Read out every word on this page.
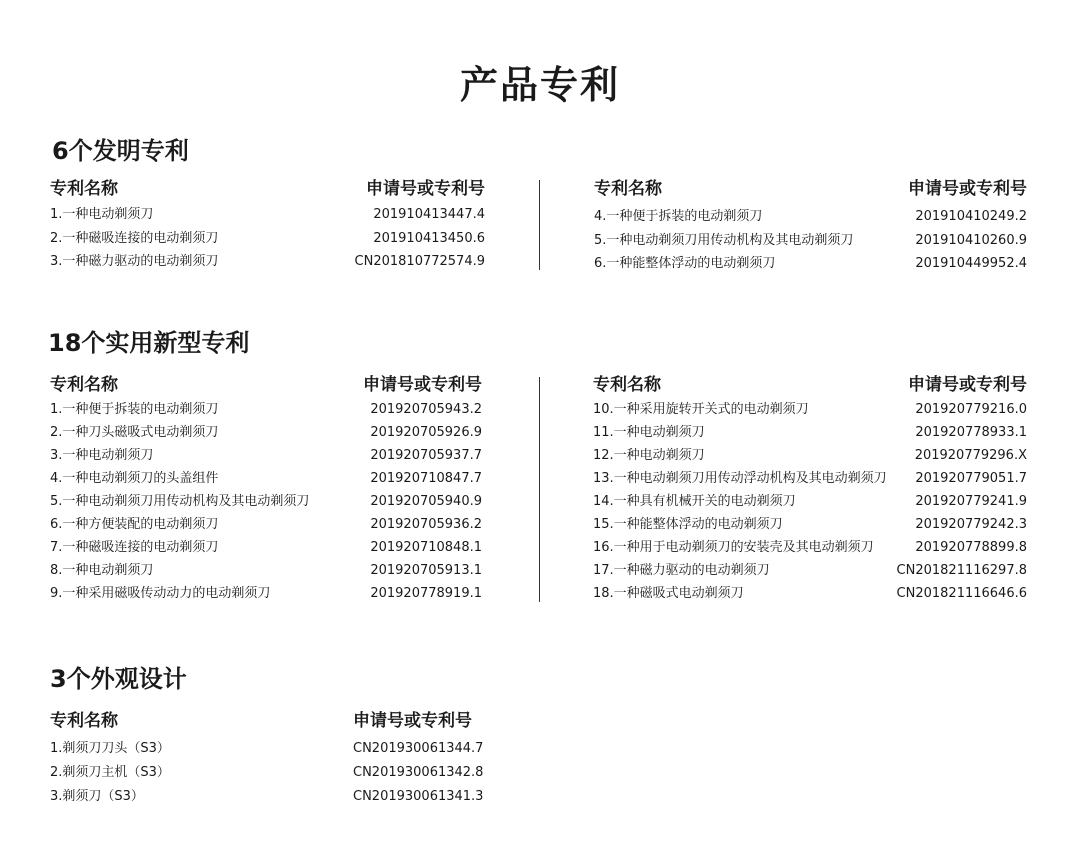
产品专利
6个发明专利
专利名称	申请号或专利号
1.一种电动剃须刀	201910413447.4
2.一种磁吸连接的电动剃须刀	201910413450.6
3.一种磁力驱动的电动剃须刀	CN201810772574.9
专利名称	申请号或专利号
4.一种便于拆装的电动剃须刀	201910410249.2
5.一种电动剃须刀用传动机构及其电动剃须刀	201910410260.9
6.一种能整体浮动的电动剃须刀	201910449952.4
18个实用新型专利
专利名称	申请号或专利号
1.一种便于拆装的电动剃须刀	201920705943.2
2.一种刀头磁吸式电动剃须刀	201920705926.9
3.一种电动剃须刀	201920705937.7
4.一种电动剃须刀的头盖组件	201920710847.7
5.一种电动剃须刀用传动机构及其电动剃须刀	201920705940.9
6.一种方便装配的电动剃须刀	201920705936.2
7.一种磁吸连接的电动剃须刀	201920710848.1
8.一种电动剃须刀	201920705913.1
9.一种采用磁吸传动动力的电动剃须刀	201920778919.1
专利名称	申请号或专利号
10.一种采用旋转开关式的电动剃须刀	201920779216.0
11.一种电动剃须刀	201920778933.1
12.一种电动剃须刀	201920779296.X
13.一种电动剃须刀用传动浮动机构及其电动剃须刀 201920779051.7
14.一种具有机械开关的电动剃须刀	201920779241.9
15.一种能整体浮动的电动剃须刀	201920779242.3
16.一种用于电动剃须刀的安装壳及其电动剃须刀	201920778899.8
17.一种磁力驱动的电动剃须刀	CN201821116297.8
18.一种磁吸式电动剃须刀	CN201821116646.6
3个外观设计
专利名称	申请号或专利号
1.剃须刀刀头（S3）	CN201930061344.7
2.剃须刀主机（S3）	CN201930061342.8
3.剃须刀（S3）	CN201930061341.3
